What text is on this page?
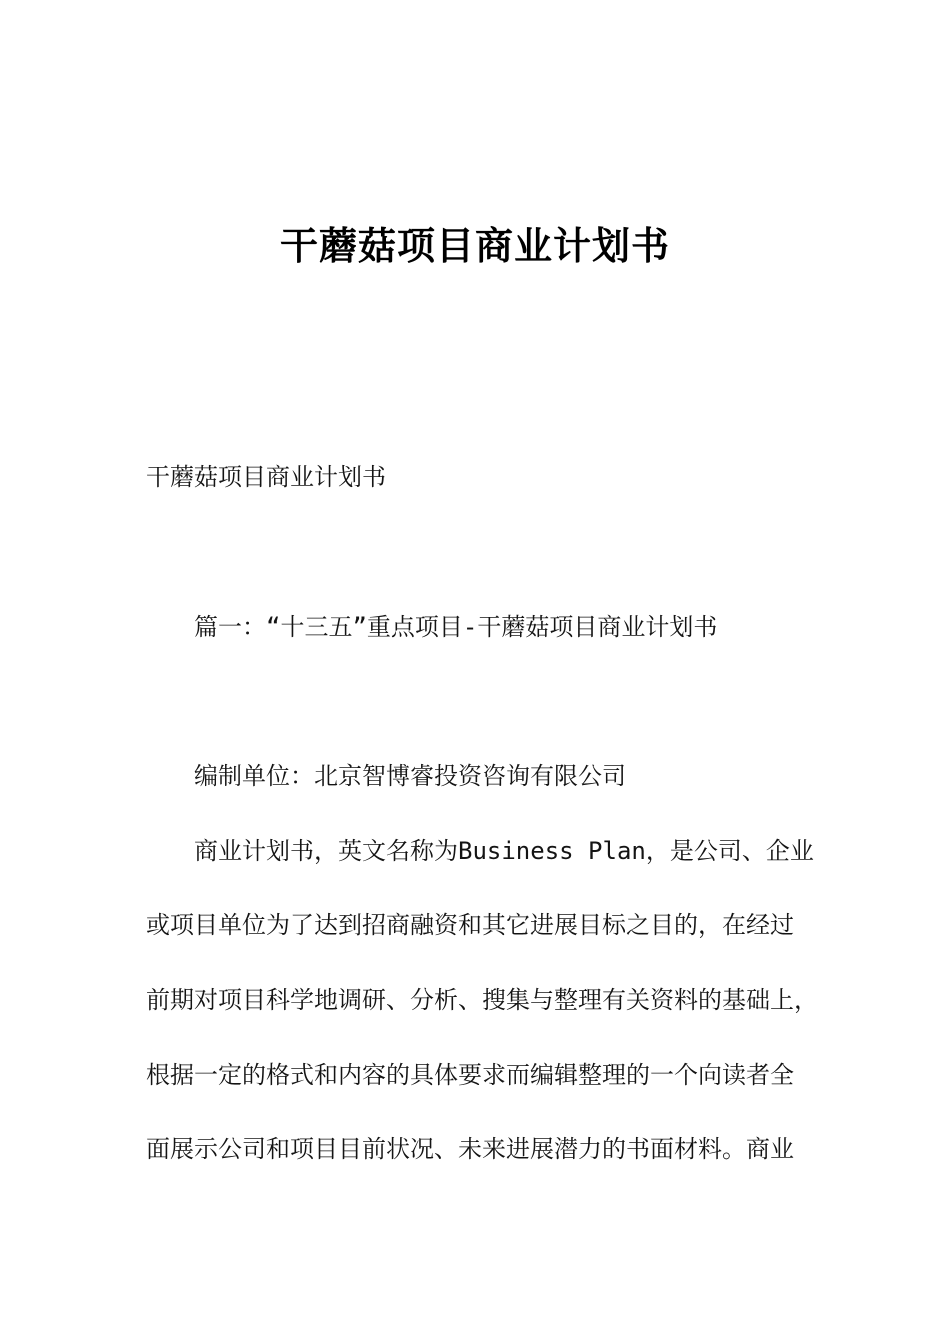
干蘑菇项目商业计划书
干蘑菇项目商业计划书
篇一：“十三五”重点项目-干蘑菇项目商业计划书
编制单位：北京智博睿投资咨询有限公司
商业计划书，英文名称为Business Plan，是公司、企业
或项目单位为了达到招商融资和其它进展目标之目的，在经过
前期对项目科学地调研、分析、搜集与整理有关资料的基础上，
根据一定的格式和内容的具体要求而编辑整理的一个向读者全
面展示公司和项目目前状况、未来进展潜力的书面材料。商业
